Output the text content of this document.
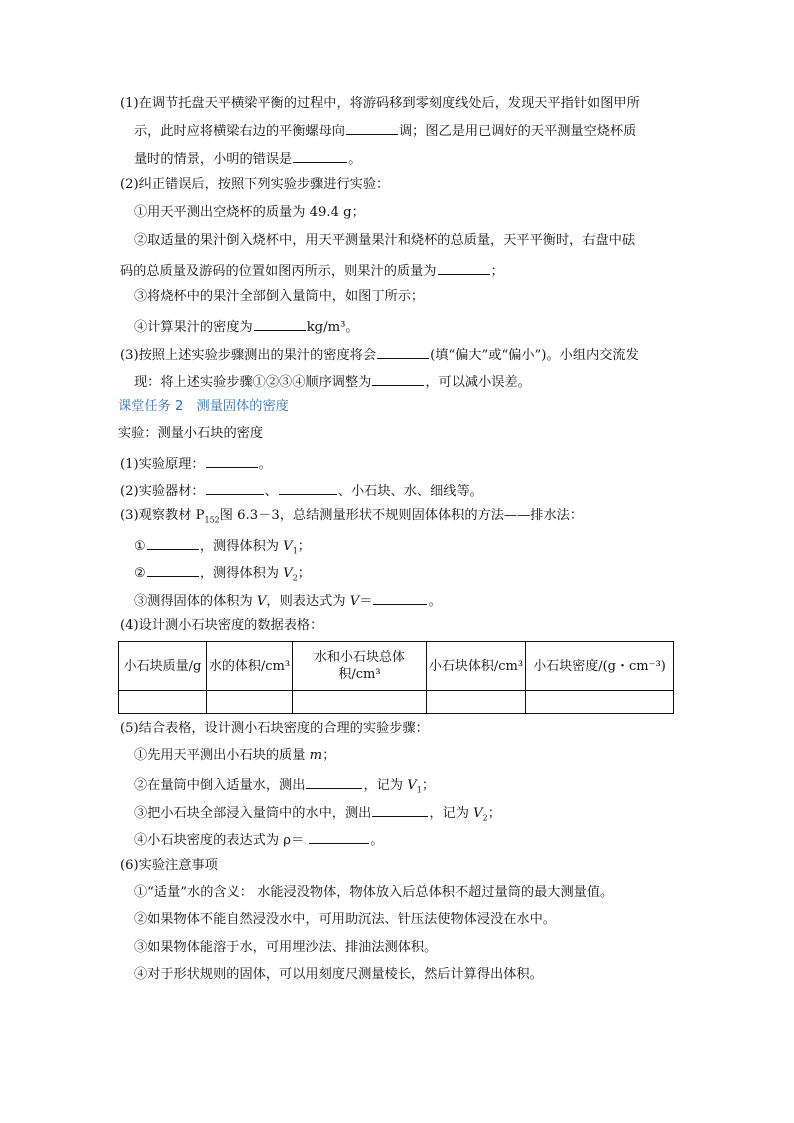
(1)在调节托盘天平横梁平衡的过程中，将游码移到零刻度线处后，发现天平指针如图甲所
示，此时应将横梁右边的平衡螺母向	调；图乙是用已调好的天平测量空烧杯质
量时的情景，小明的错误是	。
(2)纠正错误后，按照下列实验步骤进行实验：
①用天平测出空烧杯的质量为 49.4 g；
②取适量的果汁倒入烧杯中，用天平测量果汁和烧杯的总质量，天平平衡时，右盘中砝
码的总质量及游码的位置如图丙所示，则果汁的质量为	；
③将烧杯中的果汁全部倒入量筒中，如图丁所示；
④计算果汁的密度为	kg/m³。
(3)按照上述实验步骤测出的果汁的密度将会	(填“偏大”或“偏小”)。小组内交流发
现：将上述实验步骤①②③④顺序调整为	，可以减小误差。
课堂任务 2　测量固体的密度
实验：测量小石块的密度
(1)实验原理：	。
(2)实验器材：	、	、小石块、水、细线等。
(3)观察教材 $P_{152}$图 6.3－3，总结测量形状不规则固体体积的方法——排水法：
①	，测得体积为 $V_1$；
②	，测得体积为 $V_2$；
③测得固体的体积为 V，则表达式为 V＝	。
(4)设计测小石块密度的数据表格：
小石块质量/g	水的体积/cm³	水和小石块总体积/cm³	小石块体积/cm³	小石块密度/(g・cm⁻³)

(5)结合表格，设计测小石块密度的合理的实验步骤：
①先用天平测出小石块的质量 m；
②在量筒中倒入适量水，测出	，记为 $V_1$；
③把小石块全部浸入量筒中的水中，测出	，记为 $V_2$；
④小石块密度的表达式为 ρ＝	。
(6)实验注意事项
①“适量”水的含义： 水能浸没物体，物体放入后总体积不超过量筒的最大测量值。
②如果物体不能自然浸没水中，可用助沉法、针压法使物体浸没在水中。
③如果物体能溶于水，可用埋沙法、排油法测体积。
④对于形状规则的固体，可以用刻度尺测量棱长，然后计算得出体积。
